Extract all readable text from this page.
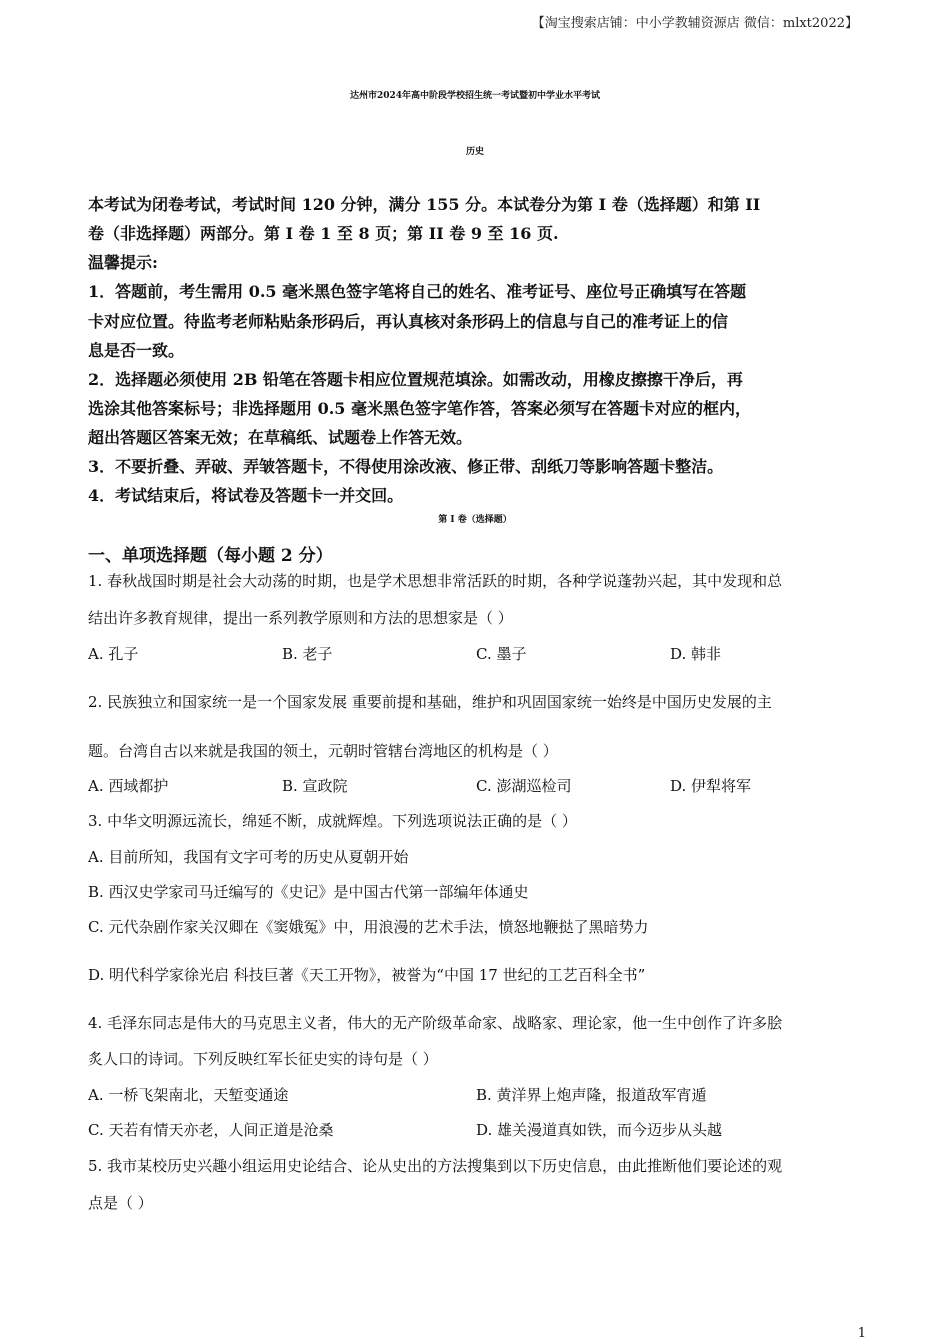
【淘宝搜索店铺：中小学教辅资源店 微信：mlxt2022】
达州市2024年高中阶段学校招生统一考试暨初中学业水平考试
历史
本考试为闭卷考试，考试时间 120 分钟，满分 155 分。本试卷分为第 I 卷（选择题）和第 II
卷（非选择题）两部分。第 I 卷 1 至 8 页；第 II 卷 9 至 16 页.
温馨提示:
1．答题前，考生需用 0.5 毫米黑色签字笔将自己的姓名、准考证号、座位号正确填写在答题
卡对应位置。待监考老师粘贴条形码后，再认真核对条形码上的信息与自己的准考证上的信
息是否一致。
2．选择题必须使用 2B 铅笔在答题卡相应位置规范填涂。如需改动，用橡皮擦擦干净后，再
选涂其他答案标号；非选择题用 0.5 毫米黑色签字笔作答，答案必须写在答题卡对应的框内，
超出答题区答案无效；在草稿纸、试题卷上作答无效。
3．不要折叠、弄破、弄皱答题卡，不得使用涂改液、修正带、刮纸刀等影响答题卡整洁。
4．考试结束后，将试卷及答题卡一并交回。
第 I 卷（选择题）
一、单项选择题（每小题 2 分）
1. 春秋战国时期是社会大动荡的时期，也是学术思想非常活跃的时期，各种学说蓬勃兴起，其中发现和总
结出许多教育规律，提出一系列教学原则和方法的思想家是（ ）
A. 孔子	B. 老子	C. 墨子	D. 韩非
2. 民族独立和国家统一是一个国家发展 重要前提和基础，维护和巩固国家统一始终是中国历史发展的主
题。台湾自古以来就是我国的领土，元朝时管辖台湾地区的机构是（ ）
A. 西域都护	B. 宣政院	C. 澎湖巡检司	D. 伊犁将军
3. 中华文明源远流长，绵延不断，成就辉煌。下列选项说法正确的是（ ）
A. 目前所知，我国有文字可考的历史从夏朝开始
B. 西汉史学家司马迁编写的《史记》是中国古代第一部编年体通史
C. 元代杂剧作家关汉卿在《窦娥冤》中，用浪漫的艺术手法，愤怒地鞭挞了黑暗势力
D. 明代科学家徐光启 科技巨著《天工开物》，被誉为“中国 17 世纪的工艺百科全书”
4. 毛泽东同志是伟大的马克思主义者，伟大的无产阶级革命家、战略家、理论家，他一生中创作了许多脍
炙人口的诗词。下列反映红军长征史实的诗句是（ ）
A. 一桥飞架南北，天堑变通途	B. 黄洋界上炮声隆，报道敌军宵遁
C. 天若有情天亦老，人间正道是沧桑	D. 雄关漫道真如铁，而今迈步从头越
5. 我市某校历史兴趣小组运用史论结合、论从史出的方法搜集到以下历史信息，由此推断他们要论述的观
点是（ ）
1
